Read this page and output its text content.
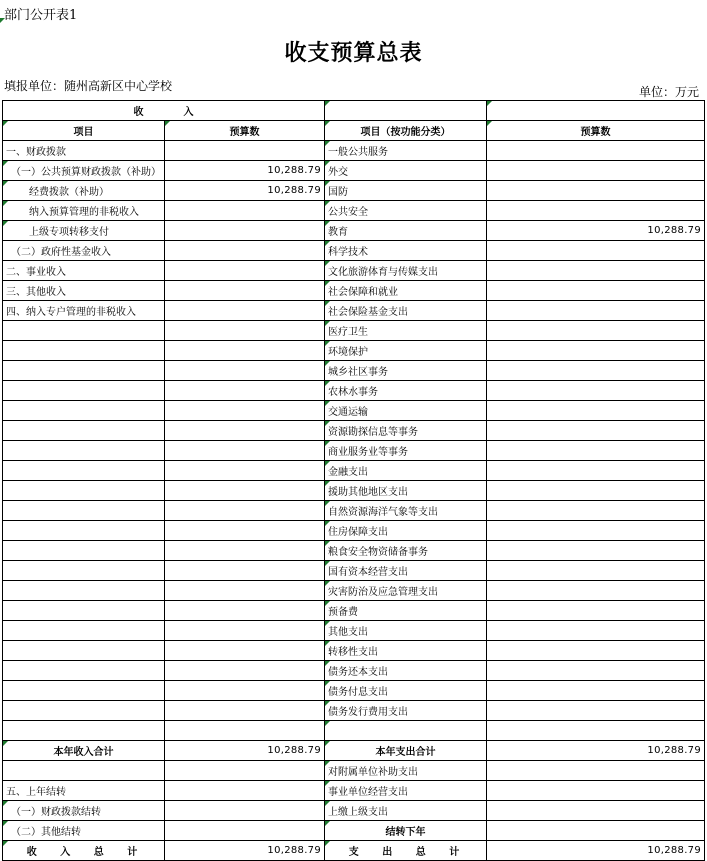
部门公开表1
收支预算总表
填报单位：随州高新区中心学校	单位：万元
收　　　　入			
项目	预算数	项目（按功能分类）	预算数
一、财政拨款		一般公共服务	
（一）公共预算财政拨款（补助）	10,288.79	外交	
经费拨款（补助）	10,288.79	国防	
纳入预算管理的非税收入		公共安全	
上级专项转移支付		教育	10,288.79
（二）政府性基金收入		科学技术	
二、事业收入		文化旅游体育与传媒支出	
三、其他收入		社会保障和就业	
四、纳入专户管理的非税收入		社会保险基金支出	
		医疗卫生	
		环境保护	
		城乡社区事务	
		农林水事务	
		交通运输	
		资源勘探信息等事务	
		商业服务业等事务	
		金融支出	
		援助其他地区支出	
		自然资源海洋气象等支出	
		住房保障支出	
		粮食安全物资储备事务	
		国有资本经营支出	
		灾害防治及应急管理支出	
		预备费	
		其他支出	
		转移性支出	
		债务还本支出	
		债务付息支出	
		债务发行费用支出	

本年收入合计	10,288.79	本年支出合计	10,288.79
		对附属单位补助支出	
五、上年结转		事业单位经营支出	
（一）财政拨款结转		上缴上级支出	
（二）其他结转		结转下年	
收 入 总 计	10,288.79	支 出 总 计	10,288.79
